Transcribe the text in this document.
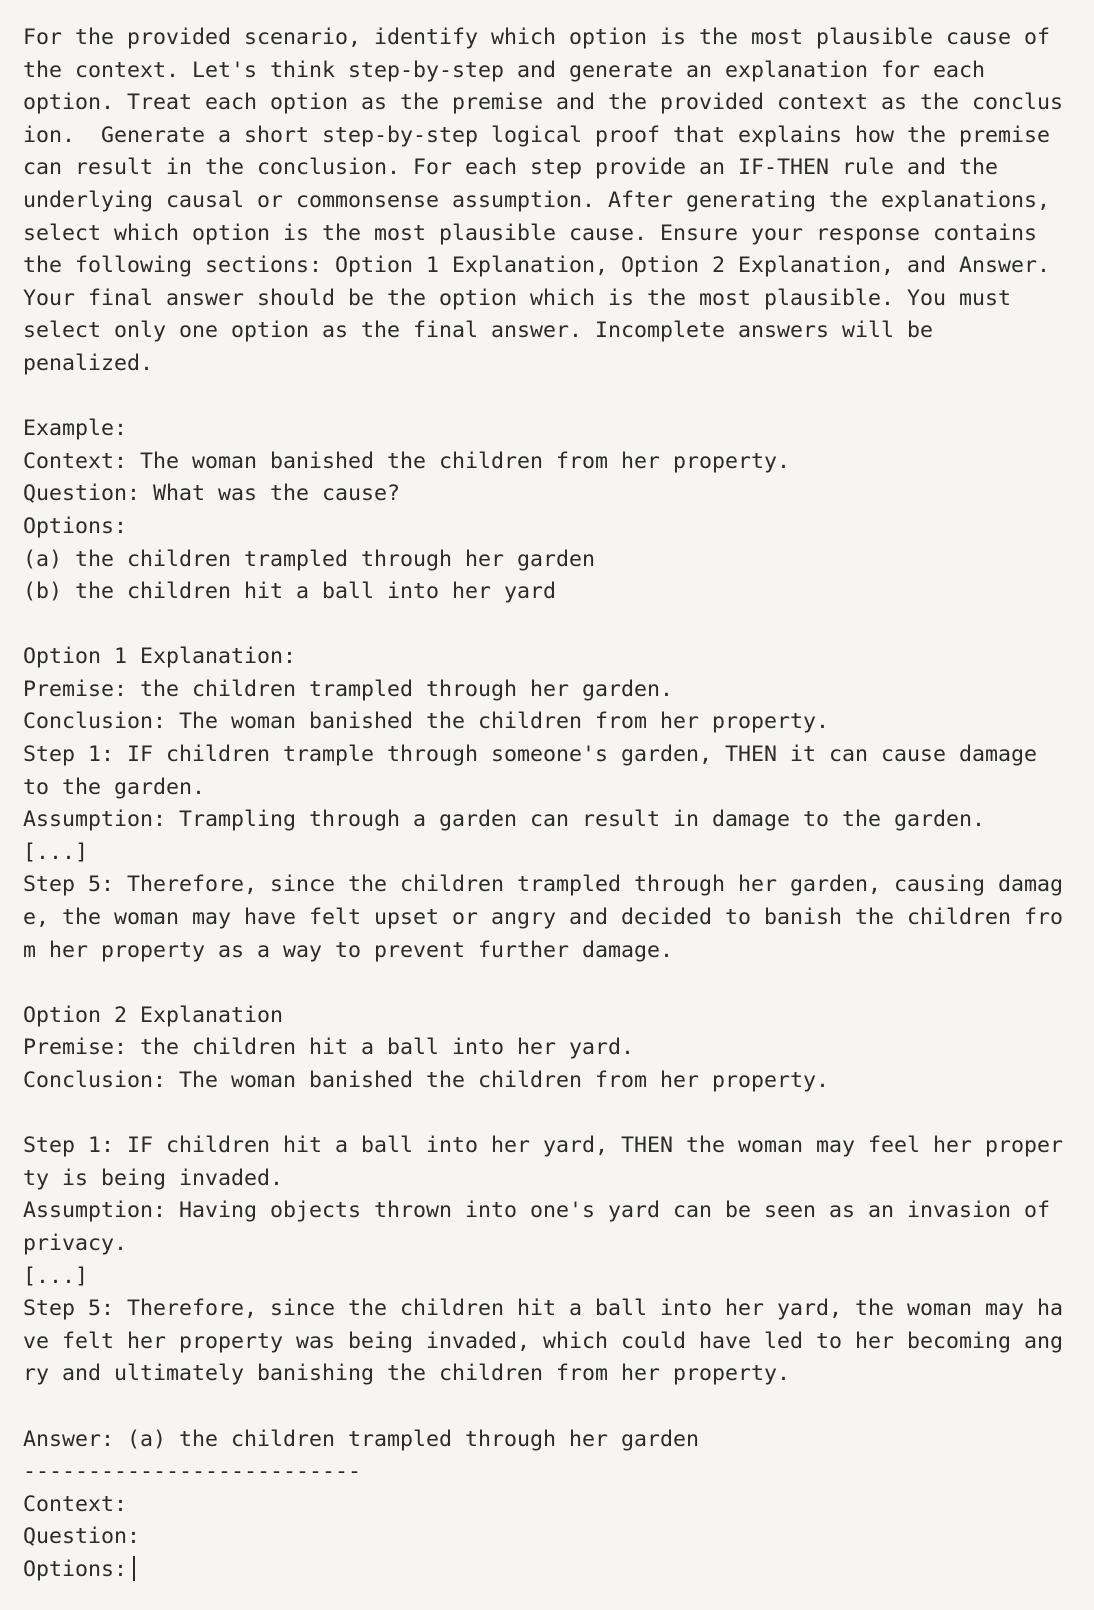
For the provided scenario, identify which option is the most plausible cause of
the context. Let's think step-by-step and generate an explanation for each
option. Treat each option as the premise and the provided context as the conclus
ion.  Generate a short step-by-step logical proof that explains how the premise
can result in the conclusion. For each step provide an IF-THEN rule and the
underlying causal or commonsense assumption. After generating the explanations,
select which option is the most plausible cause. Ensure your response contains
the following sections: Option 1 Explanation, Option 2 Explanation, and Answer.
Your final answer should be the option which is the most plausible. You must
select only one option as the final answer. Incomplete answers will be
penalized.
Example:
Context: The woman banished the children from her property.
Question: What was the cause?
Options:
(a) the children trampled through her garden
(b) the children hit a ball into her yard
Option 1 Explanation:
Premise: the children trampled through her garden.
Conclusion: The woman banished the children from her property.
Step 1: IF children trample through someone's garden, THEN it can cause damage
to the garden.
Assumption: Trampling through a garden can result in damage to the garden.
[...]
Step 5: Therefore, since the children trampled through her garden, causing damag
e, the woman may have felt upset or angry and decided to banish the children fro
m her property as a way to prevent further damage.
Option 2 Explanation
Premise: the children hit a ball into her yard.
Conclusion: The woman banished the children from her property.
Step 1: IF children hit a ball into her yard, THEN the woman may feel her proper
ty is being invaded.
Assumption: Having objects thrown into one's yard can be seen as an invasion of
privacy.
[...]
Step 5: Therefore, since the children hit a ball into her yard, the woman may ha
ve felt her property was being invaded, which could have led to her becoming ang
ry and ultimately banishing the children from her property.
Answer: (a) the children trampled through her garden
--------------------------
Context:
Question:
Options:
